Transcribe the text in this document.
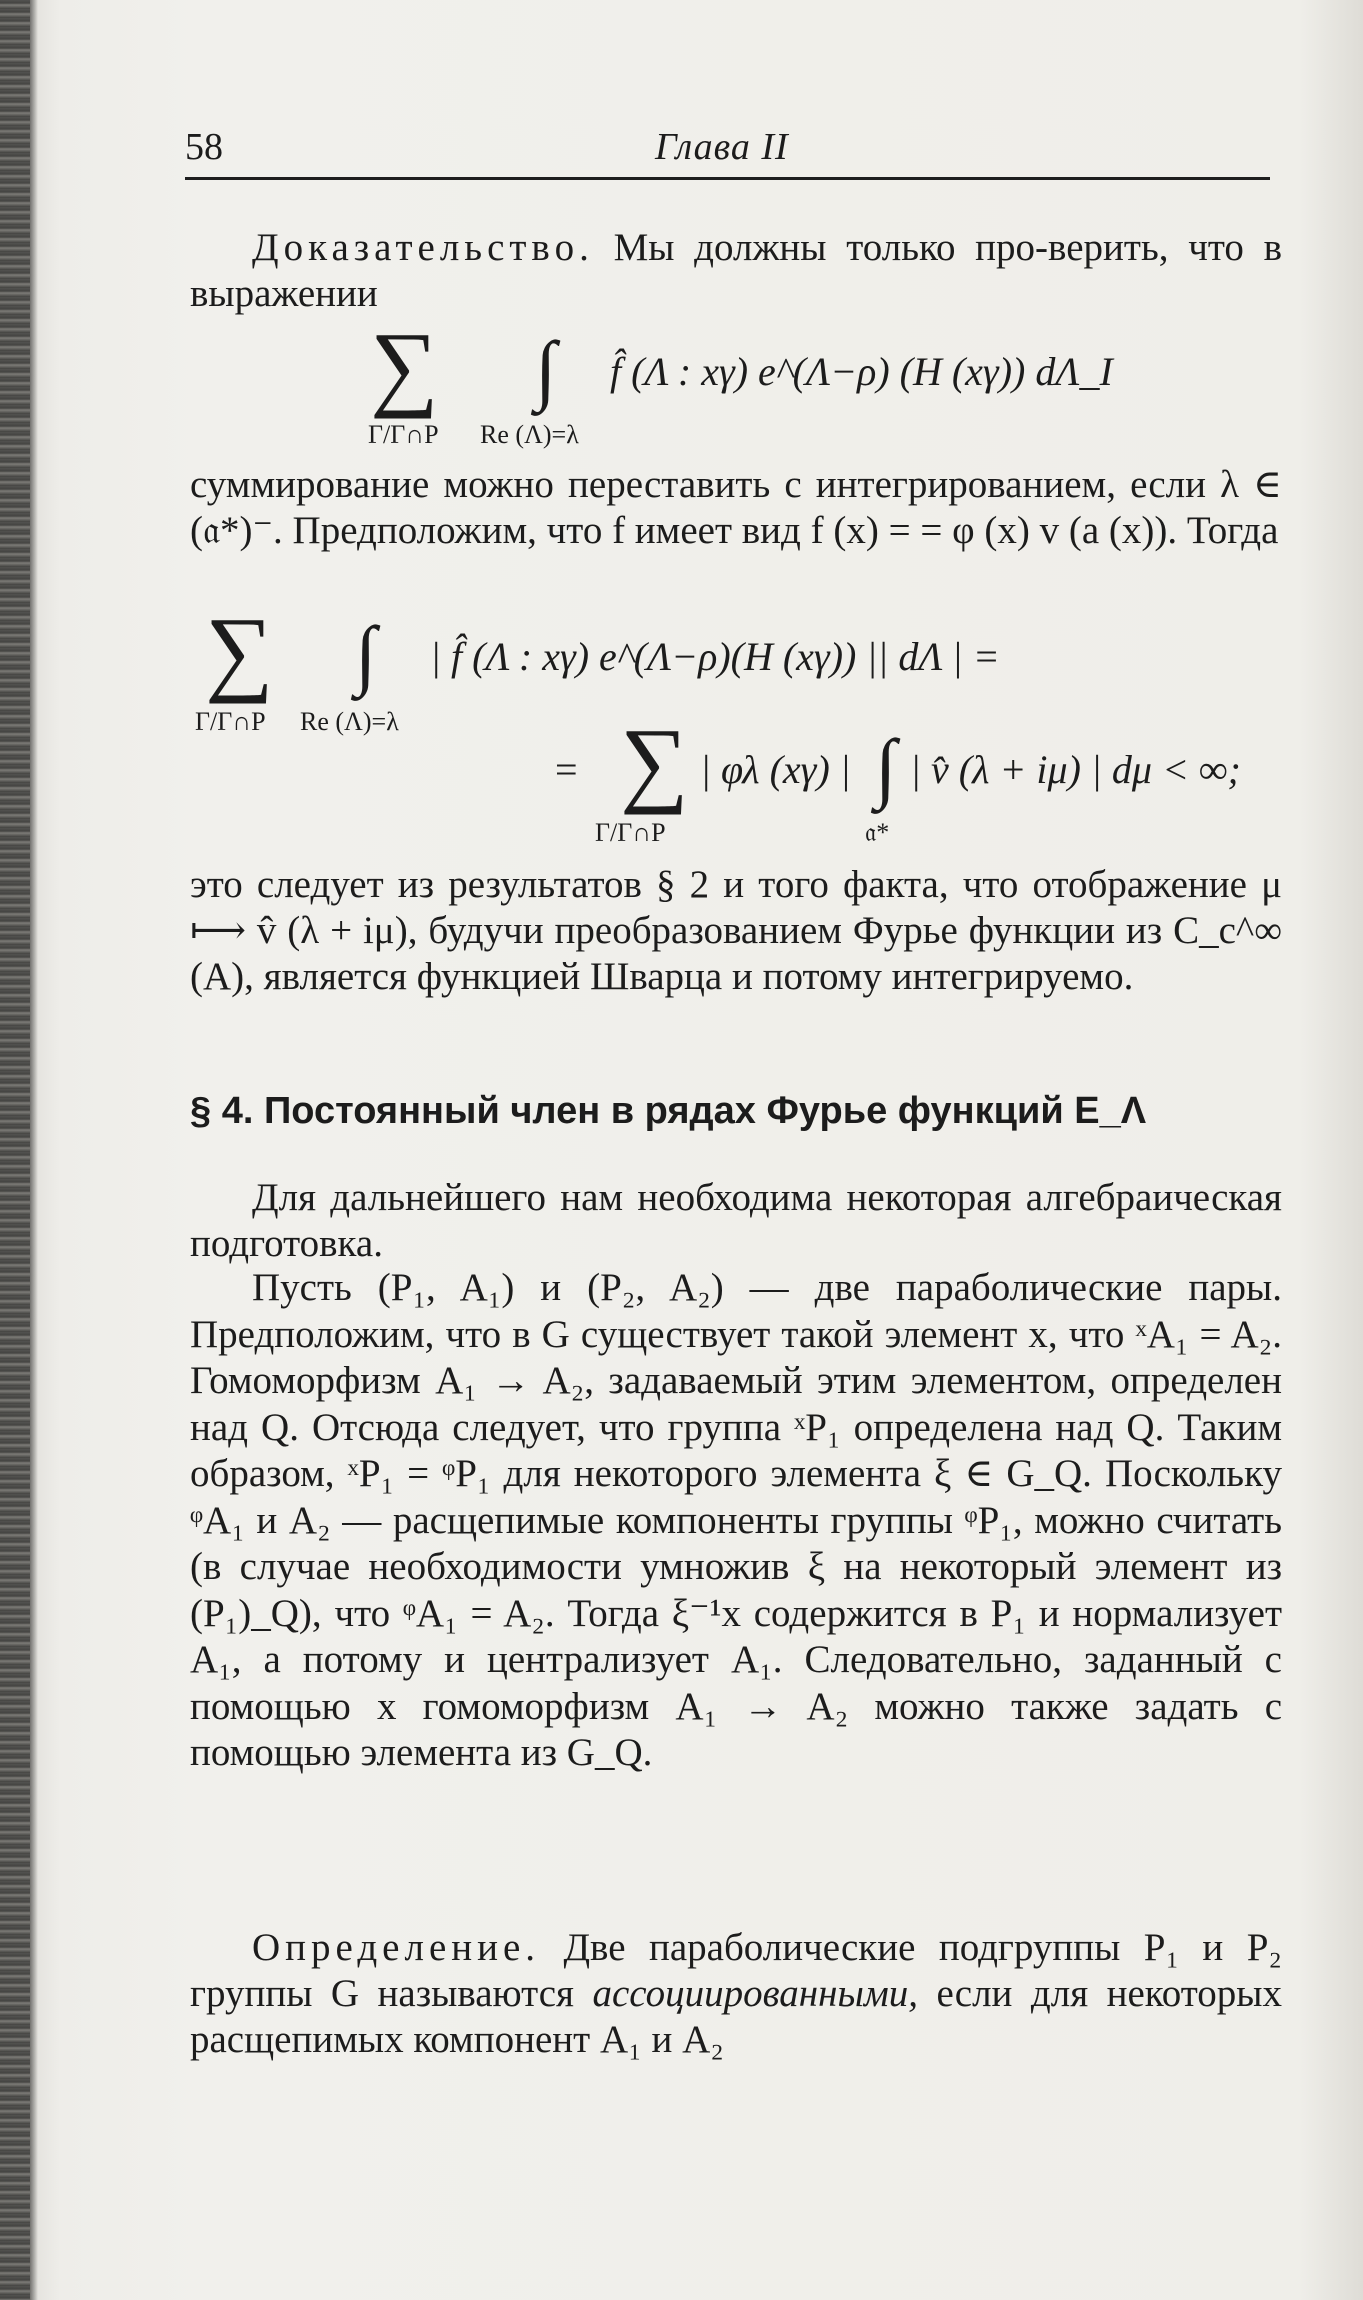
58	Глава II
Доказательство. Мы должны только про-верить, что в выражении
∑
Γ/Γ∩P
∫
Re (Λ)=λ
f̂ (Λ : xγ) e^(Λ−ρ) (H (xγ)) dΛ_I
суммирование можно переставить с интегрированием, если λ ∈ (𝔞*)⁻. Предположим, что f имеет вид f (x) = = φ (x) v (a (x)). Тогда
∑
Γ/Γ∩P
∫
Re (Λ)=λ
| f̂ (Λ : xγ) e^(Λ−ρ)(H (xγ)) || dΛ | =
= ∑
Γ/Γ∩P
| φλ (xγ) | ∫
𝔞*
| v̂ (λ + iμ) | dμ < ∞;
это следует из результатов § 2 и того факта, что отображение μ ⟼ v̂ (λ + iμ), будучи преобразованием Фурье функции из C_c^∞ (A), является функцией Шварца и потому интегрируемо.
§ 4. Постоянный член в рядах Фурье функций E_Λ
Для дальнейшего нам необходима некоторая алгебраическая подготовка.
Пусть (P₁, A₁) и (P₂, A₂) — две параболические пары. Предположим, что в G существует такой элемент x, что ˣA₁ = A₂. Гомоморфизм A₁ → A₂, задаваемый этим элементом, определен над Q. Отсюда следует, что группа ˣP₁ определена над Q. Таким образом, ˣP₁ = ᵠP₁ для некоторого элемента ξ ∈ G_Q. Поскольку ᵠA₁ и A₂ — расщепимые компоненты группы ᵠP₁, можно считать (в случае необходимости умножив ξ на некоторый элемент из (P₁)_Q), что ᵠA₁ = A₂. Тогда ξ⁻¹x содержится в P₁ и нормализует A₁, а потому и централизует A₁. Следовательно, заданный с помощью x гомоморфизм A₁ → A₂ можно также задать с помощью элемента из G_Q.
Определение. Две параболические подгруппы P₁ и P₂ группы G называются ассоциированными, если для некоторых расщепимых компонент A₁ и A₂
